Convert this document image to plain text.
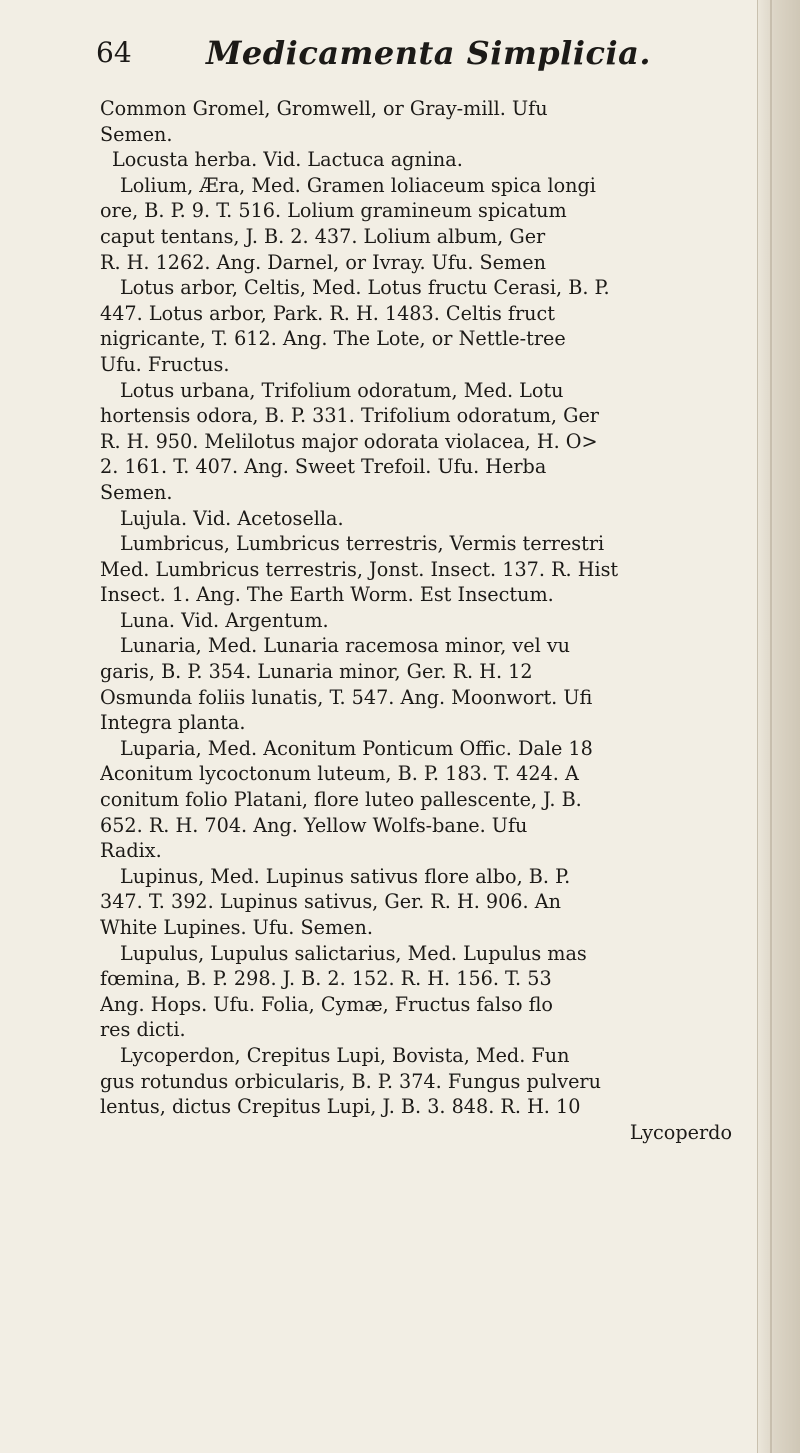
64 Medicamenta Simplicia.
Common Gromel, Gromwell, or Gray-mill. Ufu
Semen.
Locusta herba. Vid. Lactuca agnina.
Lolium, Æra, Med. Gramen loliaceum spica longi
ore, B. P. 9. T. 516. Lolium gramineum spicatum
caput tentans, J. B. 2. 437. Lolium album, Ger
R. H. 1262. Ang. Darnel, or Ivray. Ufu. Semen
Lotus arbor, Celtis, Med. Lotus fructu Cerasi, B. P.
447. Lotus arbor, Park. R. H. 1483. Celtis fruct
nigricante, T. 612. Ang. The Lote, or Nettle-tree
Ufu. Fructus.
Lotus urbana, Trifolium odoratum, Med. Lotu
hortensis odora, B. P. 331. Trifolium odoratum, Ger
R. H. 950. Melilotus major odorata violacea, H. O>
2. 161. T. 407. Ang. Sweet Trefoil. Ufu. Herba
Semen.
Lujula. Vid. Acetosella.
Lumbricus, Lumbricus terrestris, Vermis terrestri
Med. Lumbricus terrestris, Jonst. Insect. 137. R. Hist
Insect. 1. Ang. The Earth Worm. Est Insectum.
Luna. Vid. Argentum.
Lunaria, Med. Lunaria racemosa minor, vel vu
garis, B. P. 354. Lunaria minor, Ger. R. H. 12
Osmunda foliis lunatis, T. 547. Ang. Moonwort. Ufi
Integra planta.
Luparia, Med. Aconitum Ponticum Offic. Dale 18
Aconitum lycoctonum luteum, B. P. 183. T. 424. A
conitum folio Platani, flore luteo pallescente, J. B.
652. R. H. 704. Ang. Yellow Wolfs-bane. Ufu
Radix.
Lupinus, Med. Lupinus sativus flore albo, B. P.
347. T. 392. Lupinus sativus, Ger. R. H. 906. An
White Lupines. Ufu. Semen.
Lupulus, Lupulus salictarius, Med. Lupulus mas
fœmina, B. P. 298. J. B. 2. 152. R. H. 156. T. 53
Ang. Hops. Ufu. Folia, Cymæ, Fructus falso flo
res dicti.
Lycoperdon, Crepitus Lupi, Bovista, Med. Fun
gus rotundus orbicularis, B. P. 374. Fungus pulveru
lentus, dictus Crepitus Lupi, J. B. 3. 848. R. H. 10
Lycoperdo
